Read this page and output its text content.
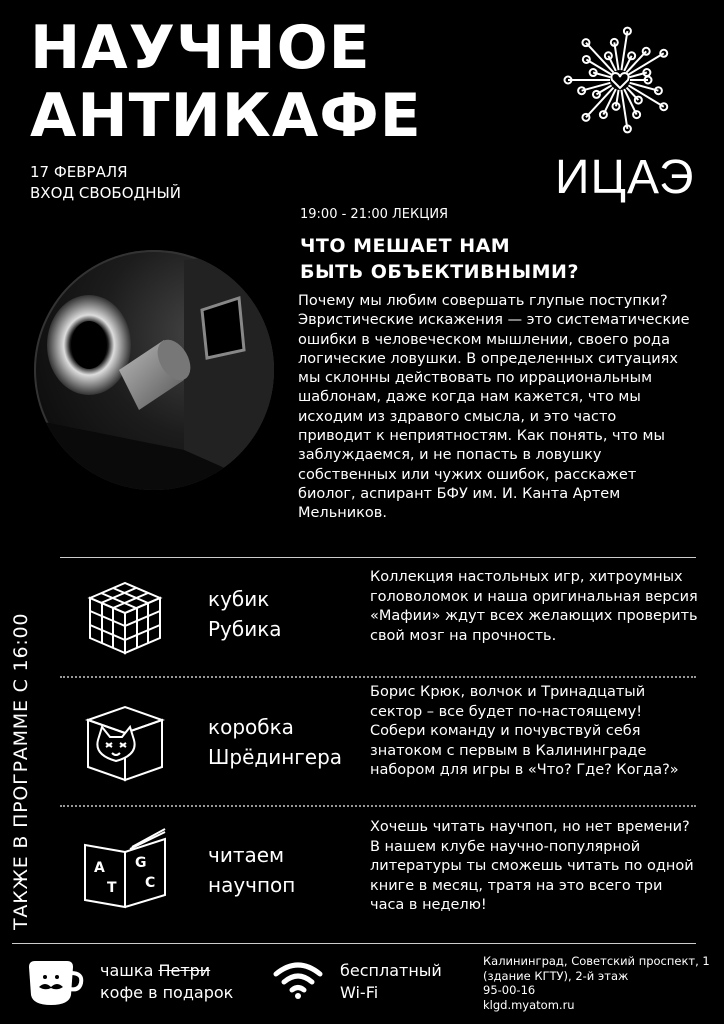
НАУЧНОЕ
АНТИКАФЕ
17 ФЕВРАЛЯ
ВХОД СВОБОДНЫЙ	ИЦАЭ
19:00 - 21:00 ЛЕКЦИЯ
ЧТО МЕШАЕТ НАМ
БЫТЬ ОБЪЕКТИВНЫМИ?
Почему мы любим совершать глупые поступки? Эвристические искажения — это систематические ошибки в человеческом мышлении, своего рода логические ловушки. В определенных ситуациях мы склонны действовать по иррациональным шаблонам, даже когда нам кажется, что мы исходим из здравого смысла, и это часто приводит к неприятностям. Как понять, что мы заблуждаемся, и не попасть в ловушку собственных или чужих ошибок, расскажет биолог, аспирант БФУ им. И. Канта Артем Мельников.
ТАКЖЕ В ПРОГРАММЕ С 16:00
кубик
Рубика
Коллекция настольных игр, хитроумных головоломок и наша оригинальная версия «Мафии» ждут всех желающих проверить свой мозг на прочность.
коробка
Шрёдингера
Борис Крюк, волчок и Тринадцатый сектор – все будет по-настоящему! Собери команду и почувствуй себя знатоком с первым в Калининграде набором для игры в «Что? Где? Когда?»
A
T
G
C
читаем
научпоп
Хочешь читать научпоп, но нет времени? В нашем клубе научно-популярной литературы ты сможешь читать по одной книге в месяц, тратя на это всего три часа в неделю!
чашка Петри
кофе в подарок
бесплатный
Wi-Fi
Калининград, Советский проспект, 1
(здание КГТУ), 2-й этаж
95-00-16
klgd.myatom.ru
